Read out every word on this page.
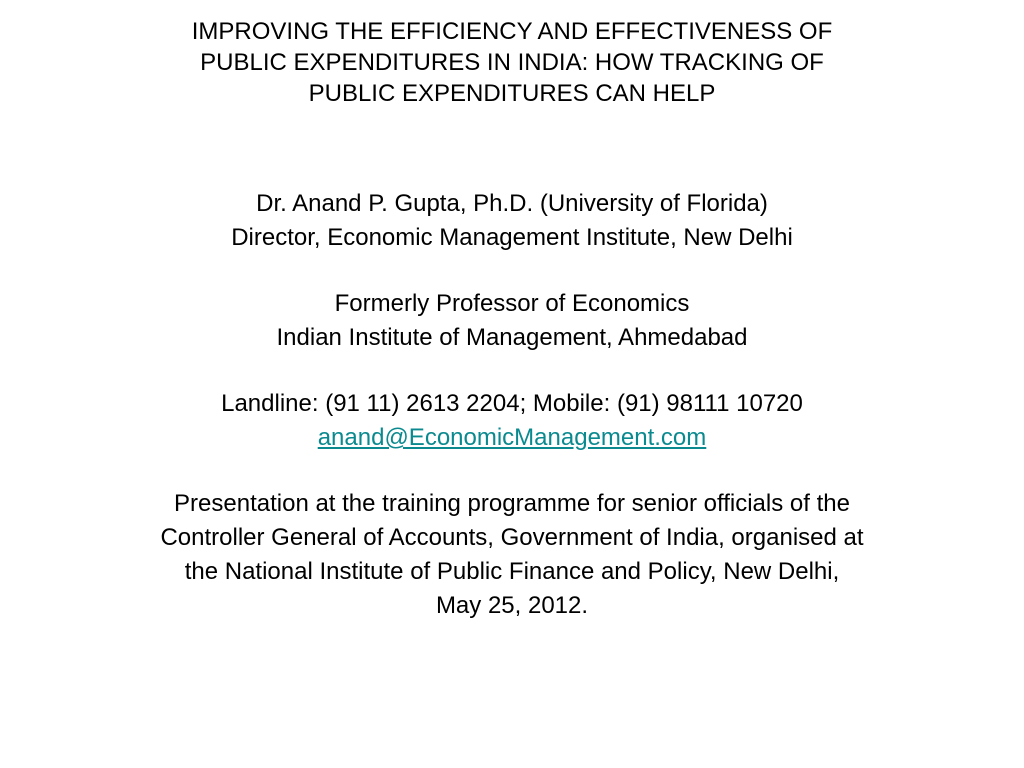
IMPROVING THE EFFICIENCY AND EFFECTIVENESS OF
PUBLIC EXPENDITURES IN INDIA: HOW TRACKING OF
PUBLIC EXPENDITURES CAN HELP
Dr. Anand P. Gupta, Ph.D. (University of Florida)
Director, Economic Management Institute, New Delhi
Formerly Professor of Economics
Indian Institute of Management, Ahmedabad
Landline: (91 11) 2613 2204; Mobile: (91) 98111 10720
anand@EconomicManagement.com
Presentation at the training programme for senior officials of the
Controller General of Accounts, Government of India, organised at
the National Institute of Public Finance and Policy, New Delhi,
May 25, 2012.
